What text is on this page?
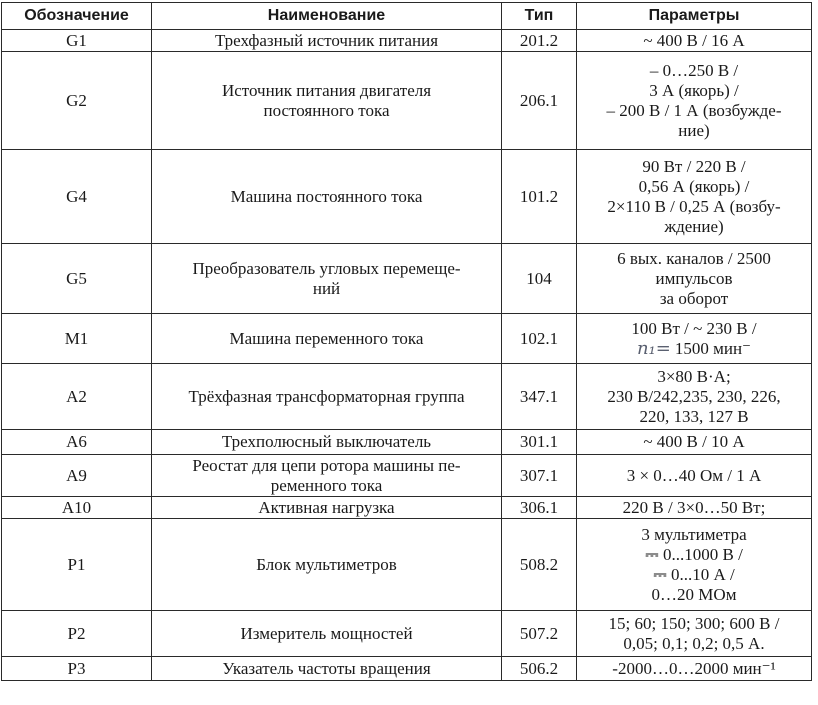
Обозначение	Наименование	Тип	Параметры
G1	Трехфазный источник питания	201.2	~ 400 В / 16 А

G2	Источник питания двигателя
постоянного тока	206.1	– 0…250 В /
3 А (якорь) /
– 200 В / 1 А (возбужде-
ние)

G4	Машина постоянного тока	101.2	90 Вт / 220 В /
0,56 А (якорь) /
2×110 В / 0,25 А (возбу-
ждение)

G5	Преобразователь угловых перемеще-
ний	104	6 вых. каналов / 2500
импульсов
за оборот

M1	Машина переменного тока	102.1	100 Вт / ~ 230 В /
n₁= 1500 мин⁻

A2	Трёхфазная трансформаторная группа	347.1	3×80 В·А;
230 В/242,235, 230, 226,
220, 133, 127 В

A6	Трехполюсный выключатель	301.1	~ 400 В / 10 А

A9	Реостат для цепи ротора машины пе-
ременного тока	307.1	3 × 0…40 Ом / 1 А

A10	Активная нагрузка	306.1	220 В / 3×0…50 Вт;

P1	Блок мультиметров	508.2	3 мультиметра
⎓ 0...1000 В /
⎓ 0...10 А /
0…20 МОм

P2	Измеритель мощностей	507.2	15; 60; 150; 300; 600 В /
0,05; 0,1; 0,2; 0,5 А.

P3	Указатель частоты вращения	506.2	-2000…0…2000 мин⁻¹
